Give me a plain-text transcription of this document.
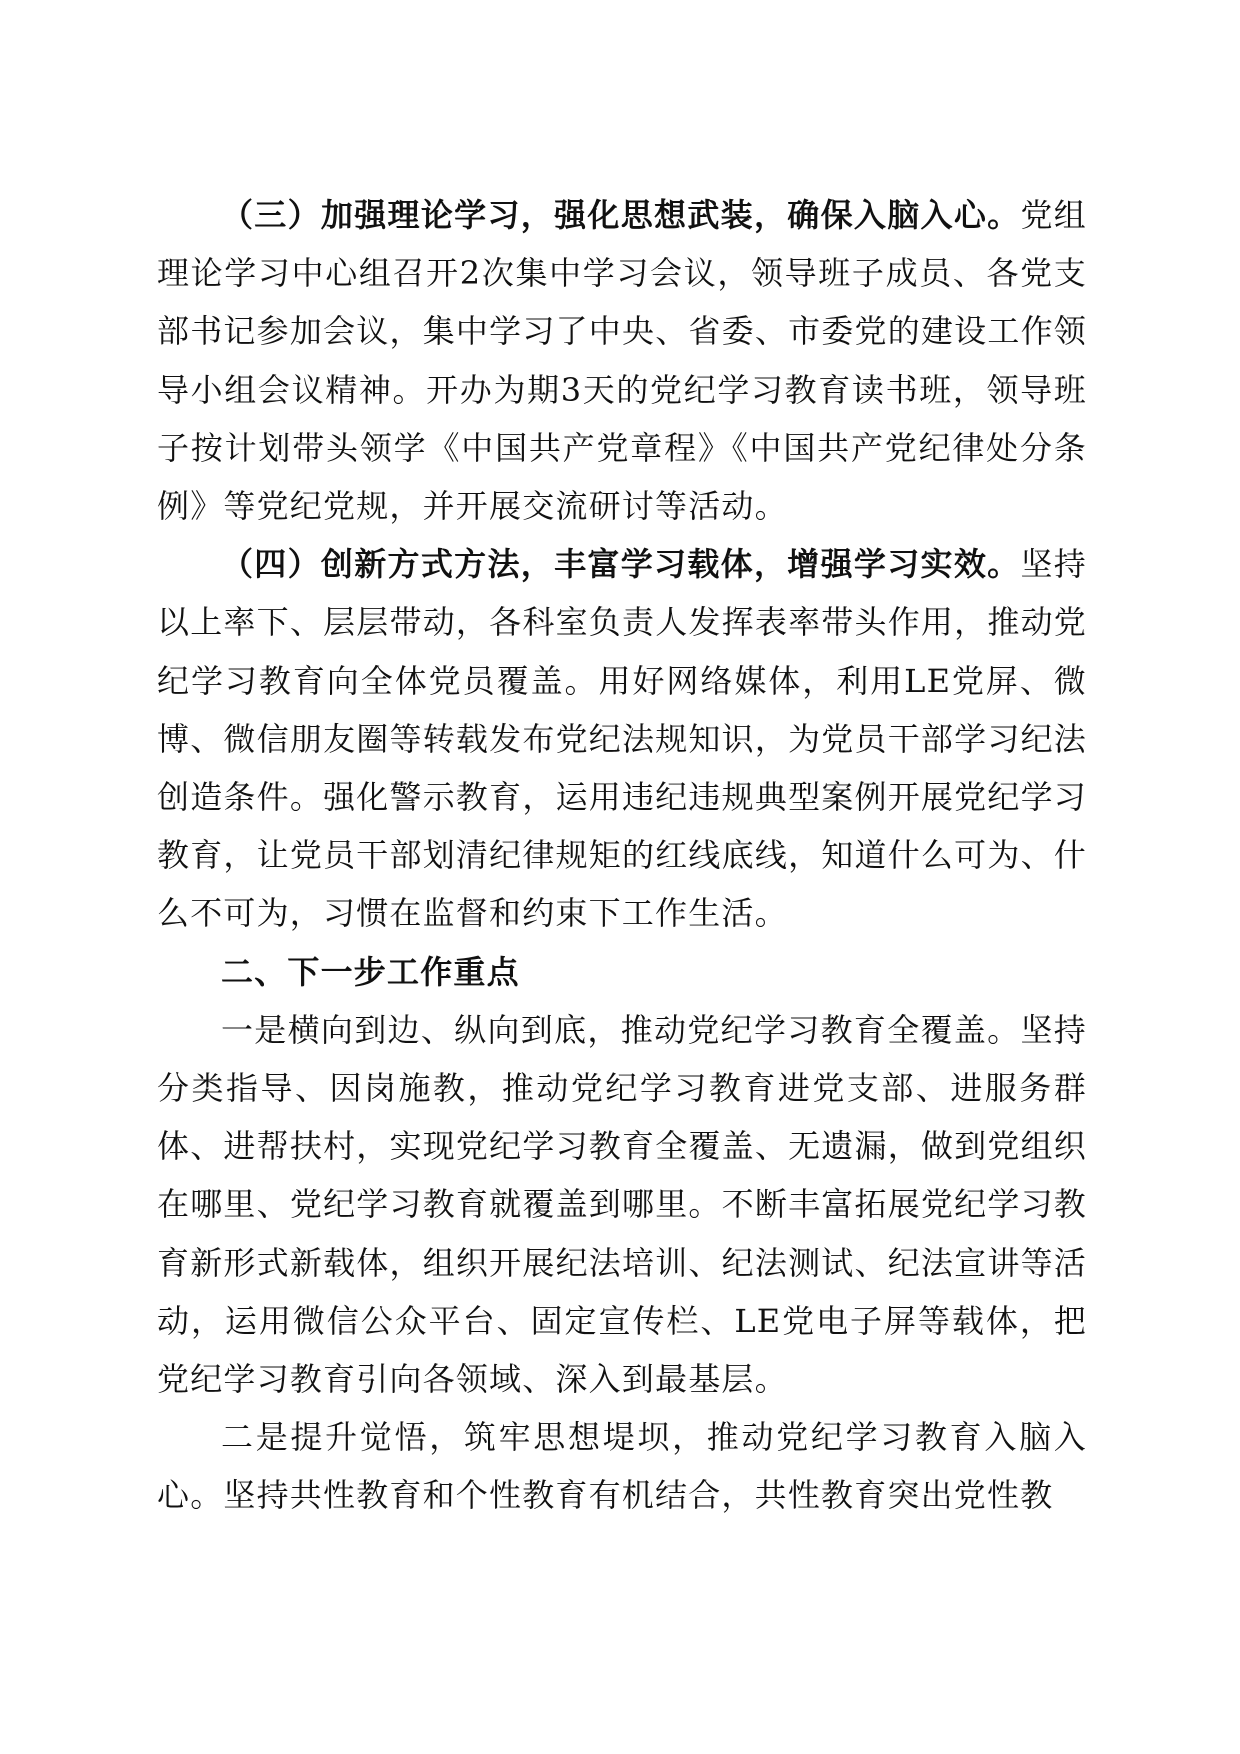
（三）加强理论学习，强化思想武装，确保入脑入心。党组理论学习中心组召开2次集中学习会议，领导班子成员、各党支部书记参加会议，集中学习了中央、省委、市委党的建设工作领导小组会议精神。开办为期3天的党纪学习教育读书班，领导班子按计划带头领学《中国共产党章程》《中国共产党纪律处分条例》等党纪党规，并开展交流研讨等活动。

（四）创新方式方法，丰富学习载体，增强学习实效。坚持以上率下、层层带动，各科室负责人发挥表率带头作用，推动党纪学习教育向全体党员覆盖。用好网络媒体，利用LE党屏、微博、微信朋友圈等转载发布党纪法规知识，为党员干部学习纪法创造条件。强化警示教育，运用违纪违规典型案例开展党纪学习教育，让党员干部划清纪律规矩的红线底线，知道什么可为、什么不可为，习惯在监督和约束下工作生活。

二、下一步工作重点

一是横向到边、纵向到底，推动党纪学习教育全覆盖。坚持分类指导、因岗施教，推动党纪学习教育进党支部、进服务群体、进帮扶村，实现党纪学习教育全覆盖、无遗漏，做到党组织在哪里、党纪学习教育就覆盖到哪里。不断丰富拓展党纪学习教育新形式新载体，组织开展纪法培训、纪法测试、纪法宣讲等活动，运用微信公众平台、固定宣传栏、LE党电子屏等载体，把党纪学习教育引向各领域、深入到最基层。

二是提升觉悟，筑牢思想堤坝，推动党纪学习教育入脑入心。坚持共性教育和个性教育有机结合，共性教育突出党性教
